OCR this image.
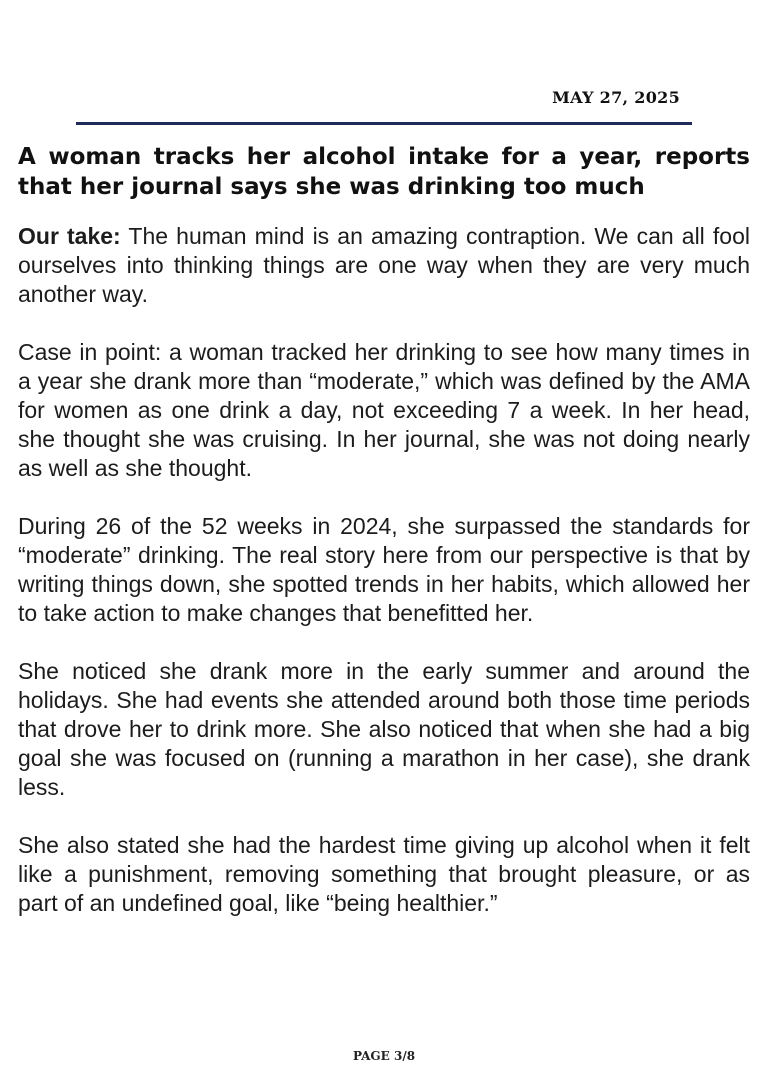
MAY 27, 2025

A woman tracks her alcohol intake for a year, reports that her journal says she was drinking too much

Our take: The human mind is an amazing contraption. We can all fool ourselves into thinking things are one way when they are very much another way.

Case in point: a woman tracked her drinking to see how many times in a year she drank more than “moderate,” which was defined by the AMA for women as one drink a day, not exceeding 7 a week. In her head, she thought she was cruising. In her journal, she was not doing nearly as well as she thought.

During 26 of the 52 weeks in 2024, she surpassed the standards for “moderate” drinking. The real story here from our perspective is that by writing things down, she spotted trends in her habits, which allowed her to take action to make changes that benefitted her.

She noticed she drank more in the early summer and around the holidays. She had events she attended around both those time periods that drove her to drink more. She also noticed that when she had a big goal she was focused on (running a marathon in her case), she drank less.

She also stated she had the hardest time giving up alcohol when it felt like a punishment, removing something that brought pleasure, or as part of an undefined goal, like “being healthier.”

PAGE 3/8
